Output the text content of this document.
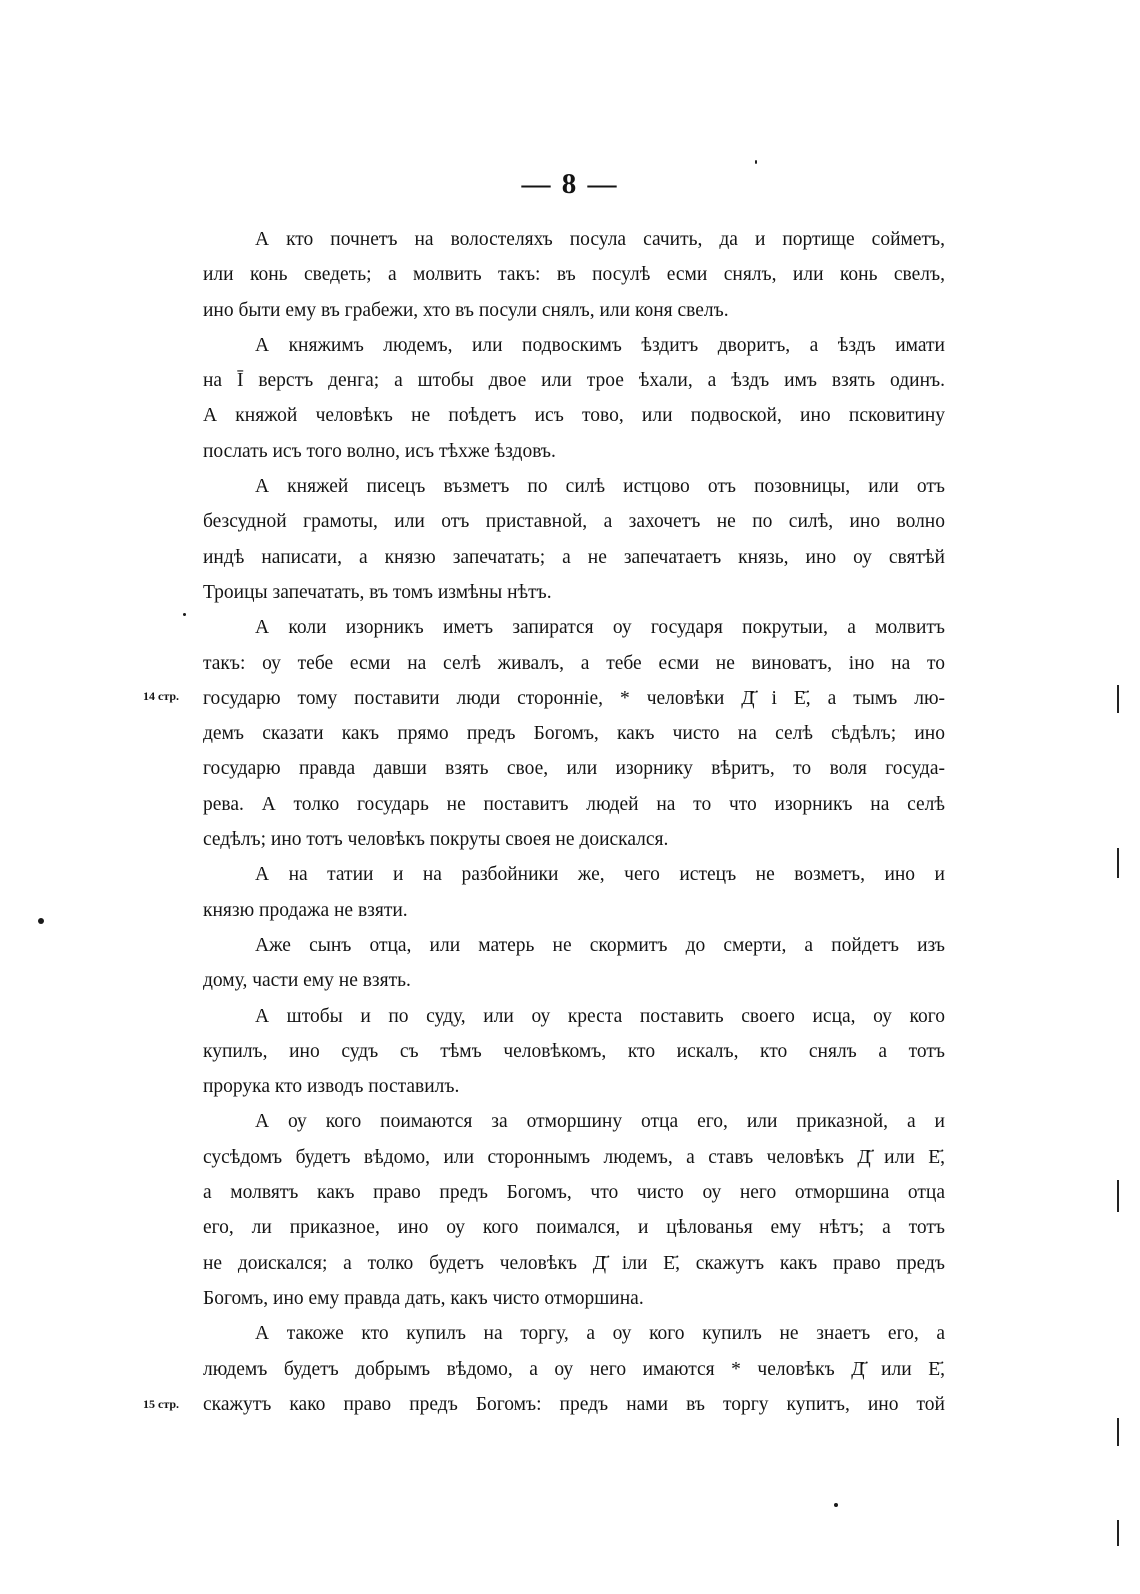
— 8 —
14 стр.
15 стр.
А кто почнетъ на волостеляхъ посула сачить, да и портище сойметъ,
или конь сведеть; а молвить такъ: въ посулѣ есми снялъ, или конь свелъ,
ино быти ему въ грабежи, хто въ посули снялъ, или коня свелъ.
А княжимъ людемъ, или подвоскимъ ѣздитъ дворитъ, а ѣздъ имати
на Ī верстъ денга; а штобы двое или трое ѣхали, а ѣздъ имъ взять одинъ.
А княжой человѣкъ не поѣдетъ исъ тово, или подвоской, ино псковитину
послать исъ того волно, исъ тѣхже ѣздовъ.
А княжей писецъ възметъ по силѣ истцово отъ позовницы, или отъ
безсудной грамоты, или отъ приставной, а захочетъ не по силѣ, ино волно
индѣ написати, а князю запечатать; а не запечатаетъ князь, ино оу святѣй
Троицы запечатать, въ томъ измѣны нѣтъ.
А коли изорникъ иметъ запиратся оу государя покрутыи, а молвитъ
такъ: оу тебе есми на селѣ живалъ, а тебе есми не виноватъ, іно на то
государю тому поставити люди стороннiе, * человѣки Д҃ і Е҃, а тымъ лю-
демъ сказати какъ прямо предъ Богомъ, какъ чисто на селѣ сѣдѣлъ; ино
государю правда давши взять свое, или изорнику вѣритъ, то воля госуда-
рева. А толко государь не поставитъ людей на то что изорникъ на селѣ
седѣлъ; ино тотъ человѣкъ покруты своея не доискался.
А на татии и на разбойники же, чего истецъ не возметъ, ино и
князю продажа не взяти.
Аже сынъ отца, или матерь не скормитъ до смерти, а пойдетъ изъ
дому, части ему не взять.
А штобы и по суду, или оу креста поставить своего исца, оу кого
купилъ, ино судъ съ тѣмъ человѣкомъ, кто искалъ, кто снялъ а тотъ
прорука кто изводъ поставилъ.
А оу кого поимаются за отморшину отца его, или приказной, а и
сусѣдомъ будетъ вѣдомо, или стороннымъ людемъ, а ставъ человѣкъ Д҃ или Е҃,
а молвятъ какъ право предъ Богомъ, что чисто оу него отморшина отца
его, ли приказное, ино оу кого поимался, и цѣлованья ему нѣтъ; а тотъ
не доискался; а толко будетъ человѣкъ Д҃ іли Е҃, скажутъ какъ право предъ
Богомъ, ино ему правда дать, какъ чисто отморшина.
А такоже кто купилъ на торгу, а оу кого купилъ не знаетъ его, а
людемъ будетъ добрымъ вѣдомо, а оу него имаются * человѣкъ Д҃ или Е҃,
скажутъ како право предъ Богомъ: предъ нами въ торгу купитъ, ино той
